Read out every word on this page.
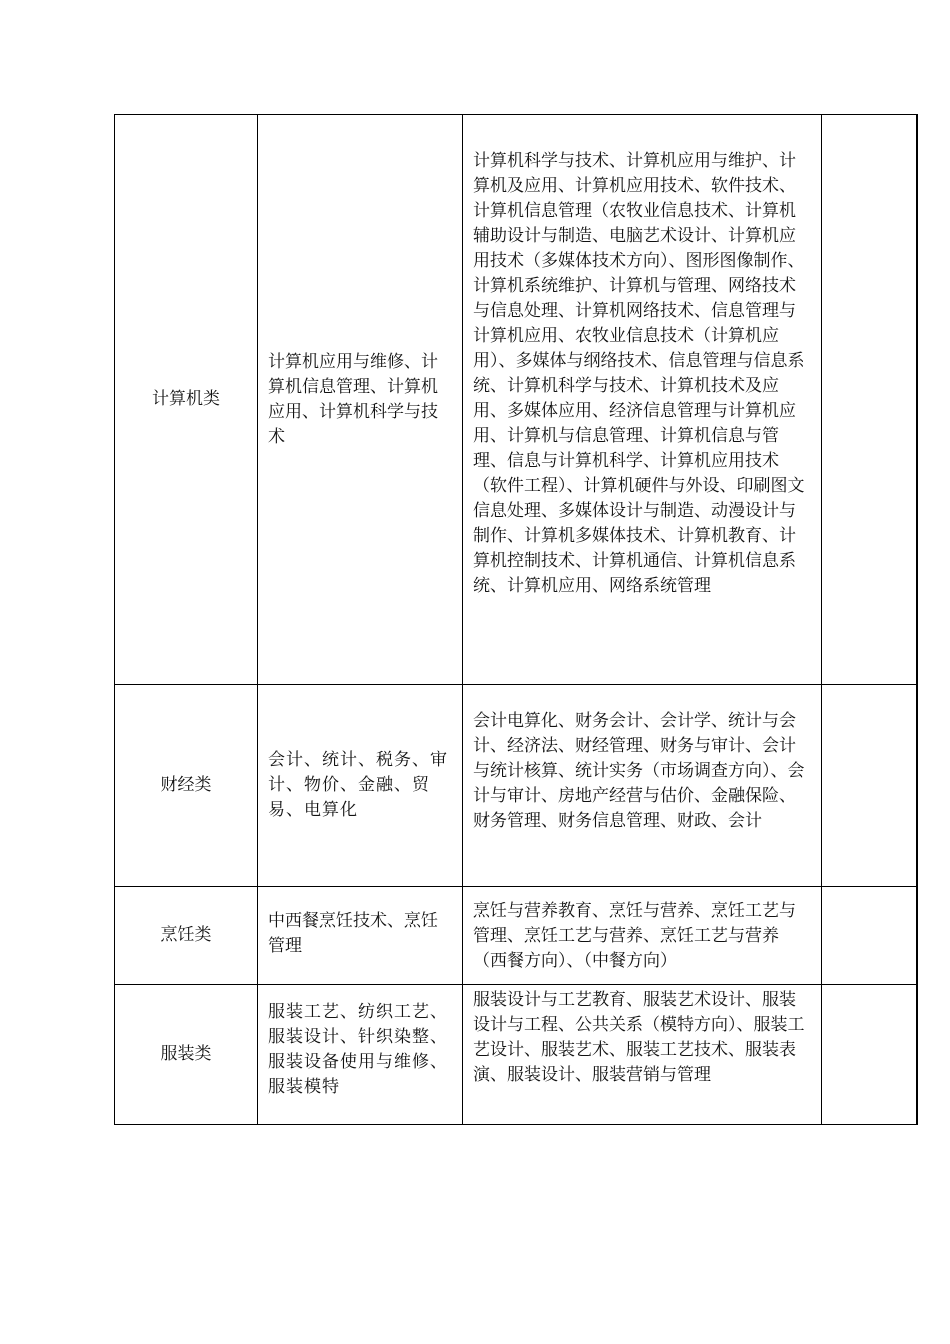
计算机类	计算机应用与维修、计算机信息管理、计算机应用、计算机科学与技术	计算机科学与技术、计算机应用与维护、计算机及应用、计算机应用技术、软件技术、计算机信息管理（农牧业信息技术、计算机辅助设计与制造、电脑艺术设计、计算机应用技术（多媒体技术方向）、图形图像制作、计算机系统维护、计算机与管理、网络技术与信息处理、计算机网络技术、信息管理与计算机应用、农牧业信息技术（计算机应用）、多媒体与纲络技术、信息管理与信息系统、计算机科学与技术、计算机技术及应用、多媒体应用、经济信息管理与计算机应用、计算机与信息管理、计算机信息与管理、信息与计算机科学、计算机应用技术（软件工程）、计算机硬件与外设、印刷图文信息处理、多媒体设计与制造、动漫设计与制作、计算机多媒体技术、计算机教育、计算机控制技术、计算机通信、计算机信息系统、计算机应用、网络系统管理	
财经类	会计、统计、税务、审计、物价、金融、贸易、电算化	会计电算化、财务会计、会计学、统计与会计、经济法、财经管理、财务与审计、会计与统计核算、统计实务（市场调查方向）、会计与审计、房地产经营与估价、金融保险、财务管理、财务信息管理、财政、会计	
烹饪类	中西餐烹饪技术、烹饪管理	烹饪与营养教育、烹饪与营养、烹饪工艺与管理、烹饪工艺与营养、烹饪工艺与营养（西餐方向）、（中餐方向）	
服装类	服装工艺、纺织工艺、服装设计、针织染整、服装设备使用与维修、服装模特	服装设计与工艺教育、服装艺术设计、服装设计与工程、公共关系（模特方向）、服装工艺设计、服装艺术、服装工艺技术、服装表演、服装设计、服装营销与管理	
